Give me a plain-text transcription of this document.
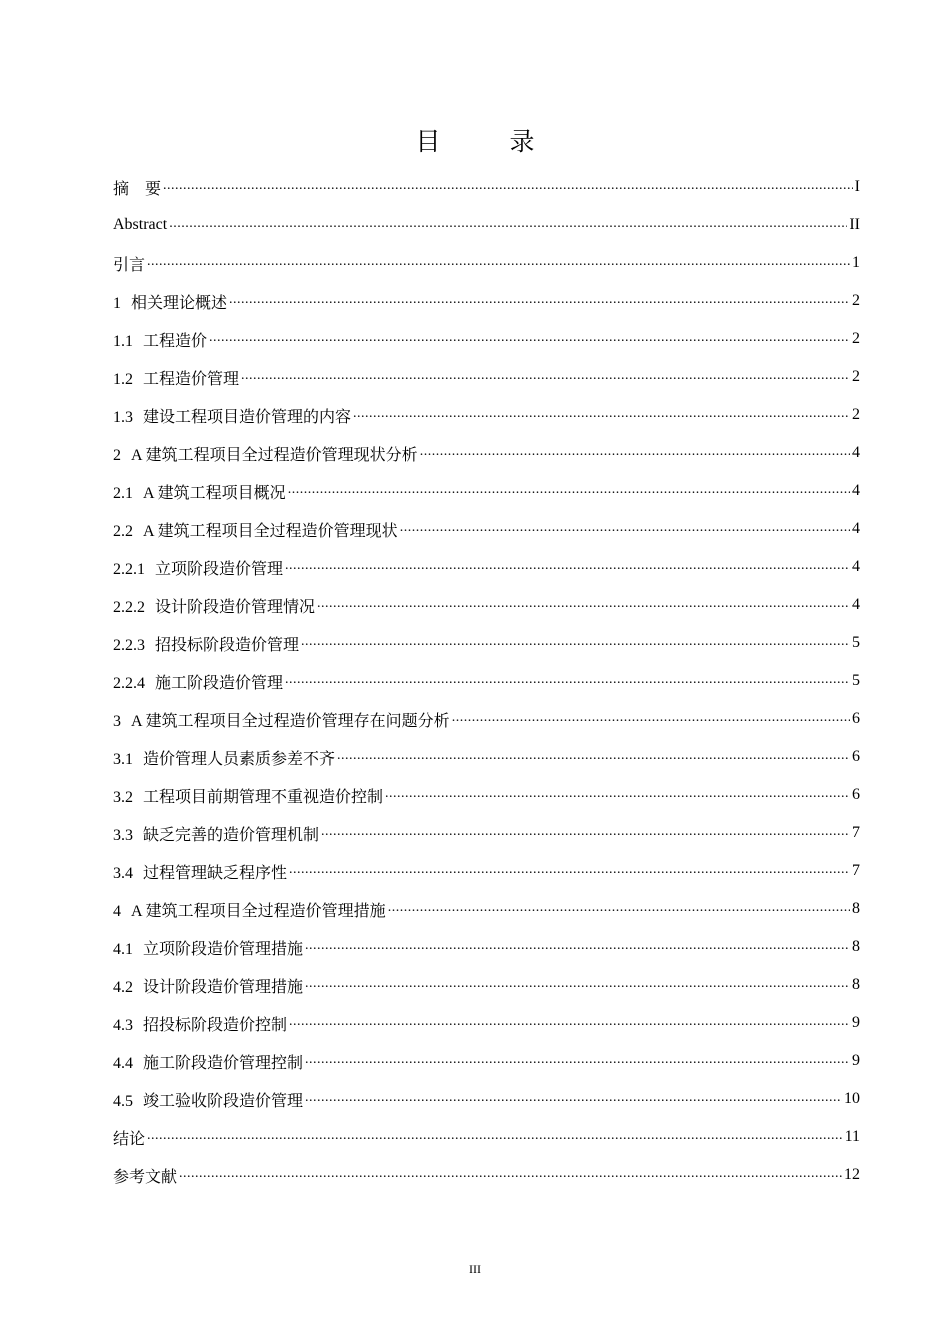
目　录
摘　要 .....	I
Abstract .....	II
引言 .....	1
1 相关理论概述 .....	2
1.1 工程造价 .....	2
1.2 工程造价管理 .....	2
1.3 建设工程项目造价管理的内容 .....	2
2 A 建筑工程项目全过程造价管理现状分析 .....	4
2.1 A 建筑工程项目概况 .....	4
2.2 A 建筑工程项目全过程造价管理现状 .....	4
2.2.1 立项阶段造价管理 .....	4
2.2.2 设计阶段造价管理情况 .....	4
2.2.3 招投标阶段造价管理 .....	5
2.2.4 施工阶段造价管理 .....	5
3 A 建筑工程项目全过程造价管理存在问题分析 .....	6
3.1 造价管理人员素质参差不齐 .....	6
3.2 工程项目前期管理不重视造价控制 .....	6
3.3 缺乏完善的造价管理机制 .....	7
3.4 过程管理缺乏程序性 .....	7
4 A 建筑工程项目全过程造价管理措施 .....	8
4.1 立项阶段造价管理措施 .....	8
4.2 设计阶段造价管理措施 .....	8
4.3 招投标阶段造价控制 .....	9
4.4 施工阶段造价管理控制 .....	9
4.5 竣工验收阶段造价管理 .....	10
结论 .....	11
参考文献 .....	12
III
